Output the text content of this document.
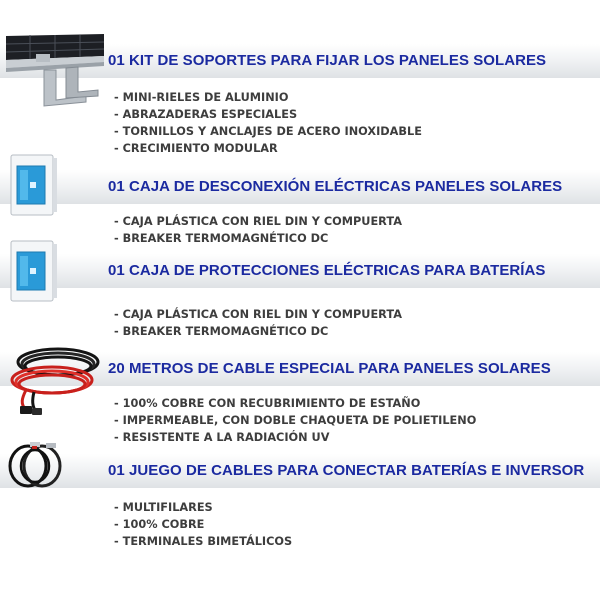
01 KIT DE SOPORTES PARA FIJAR LOS PANELES SOLARES
- MINI-RIELES DE ALUMINIO
- ABRAZADERAS ESPECIALES
- TORNILLOS Y ANCLAJES DE ACERO INOXIDABLE
- CRECIMIENTO MODULAR
01 CAJA DE DESCONEXIÓN ELÉCTRICAS PANELES SOLARES
- CAJA PLÁSTICA CON RIEL DIN Y COMPUERTA
- BREAKER TERMOMAGNÉTICO DC
01 CAJA DE PROTECCIONES ELÉCTRICAS PARA BATERÍAS
- CAJA PLÁSTICA CON RIEL DIN Y COMPUERTA
- BREAKER TERMOMAGNÉTICO DC
20 METROS DE CABLE ESPECIAL PARA PANELES SOLARES
- 100% COBRE CON RECUBRIMIENTO DE ESTAÑO
- IMPERMEABLE, CON DOBLE CHAQUETA DE POLIETILENO
- RESISTENTE A LA RADIACIÓN UV
01 JUEGO DE CABLES PARA CONECTAR BATERÍAS E INVERSOR
- MULTIFILARES
- 100% COBRE
- TERMINALES BIMETÁLICOS
